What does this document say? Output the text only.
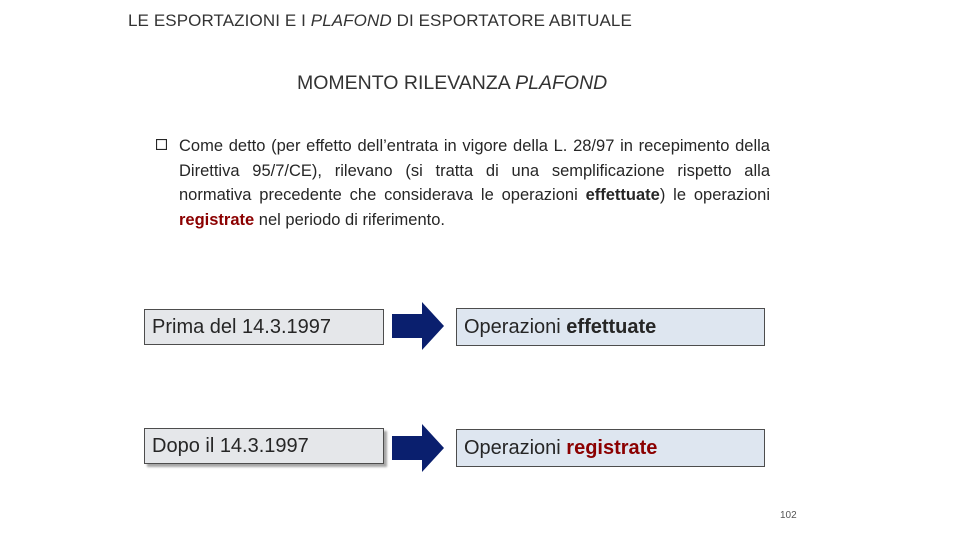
LE ESPORTAZIONI E I PLAFOND DI ESPORTATORE ABITUALE
MOMENTO RILEVANZA PLAFOND
Come detto (per effetto dell’entrata in vigore della L. 28/97 in recepimento della Direttiva 95/7/CE), rilevano (si tratta di una semplificazione rispetto alla normativa precedente che considerava le operazioni effettuate) le operazioni registrate nel periodo di riferimento.
Prima del 14.3.1997	Operazioni effettuate
Dopo il 14.3.1997	Operazioni registrate
102
